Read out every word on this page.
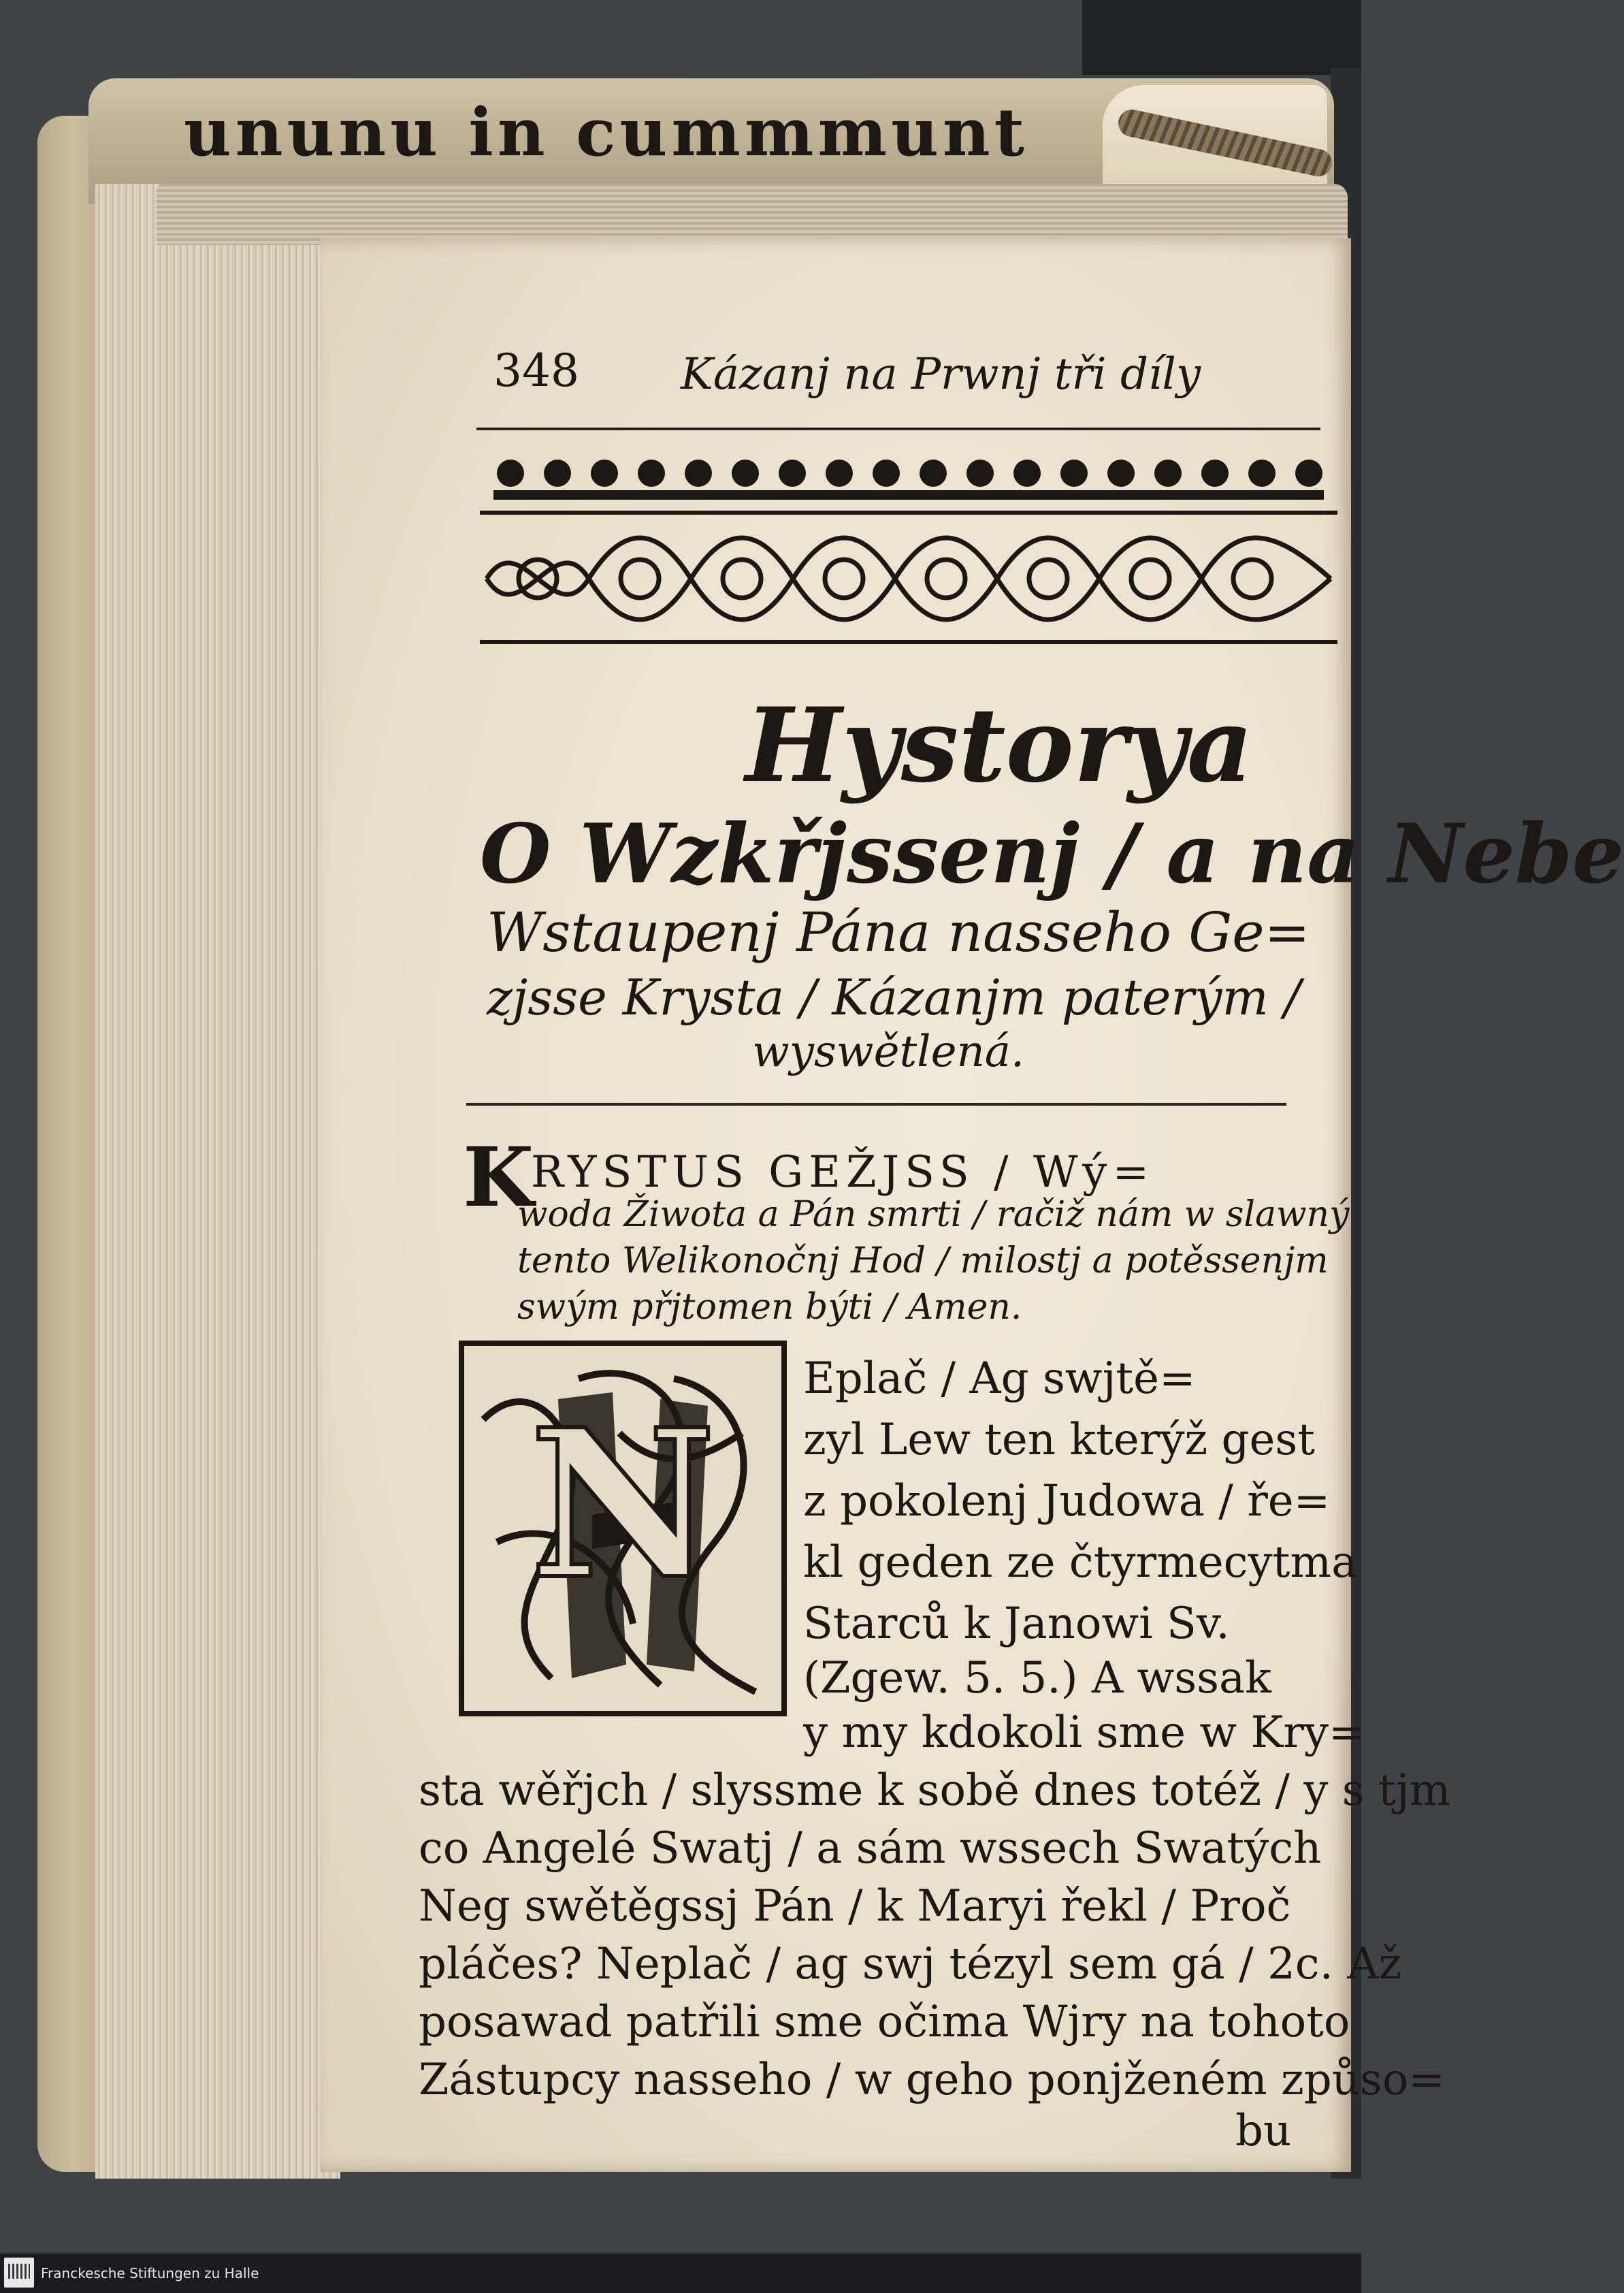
ununu in cummmunt
348 Kázanj na Prwnj tři díly
Hystorya
O Wzkřjssenj / a na Nebe
Wstaupenj Pána nasseho Ge=
zjsse Krysta / Kázanjm paterým /
wyswětlená.
K
RYSTUS GEŽJSS / Wý=
woda Žiwota a Pán smrti / račiž nám w slawný
tento Welikonočnj Hod / milostj a potěssenjm
swým přjtomen býti / Amen.
N
Eplač / Ag swjtě=
zyl Lew ten kterýž gest
z pokolenj Judowa / ře=
kl geden ze čtyrmecytma
Starců k Janowi Sv.
(Zgew. 5. 5.) A wssak
y my kdokoli sme w Kry=
sta wěřjch / slyssme k sobě dnes totéž / y s tjm
co Angelé Swatj / a sám wssech Swatých
Neg swětěgssj Pán / k Maryi řekl / Proč
pláčes? Neplač / ag swj tézyl sem gá / 2c. Až
posawad patřili sme očima Wjry na tohoto
Zástupcy nasseho / w geho ponjženém způso=
bu
Franckesche Stiftungen zu Halle
